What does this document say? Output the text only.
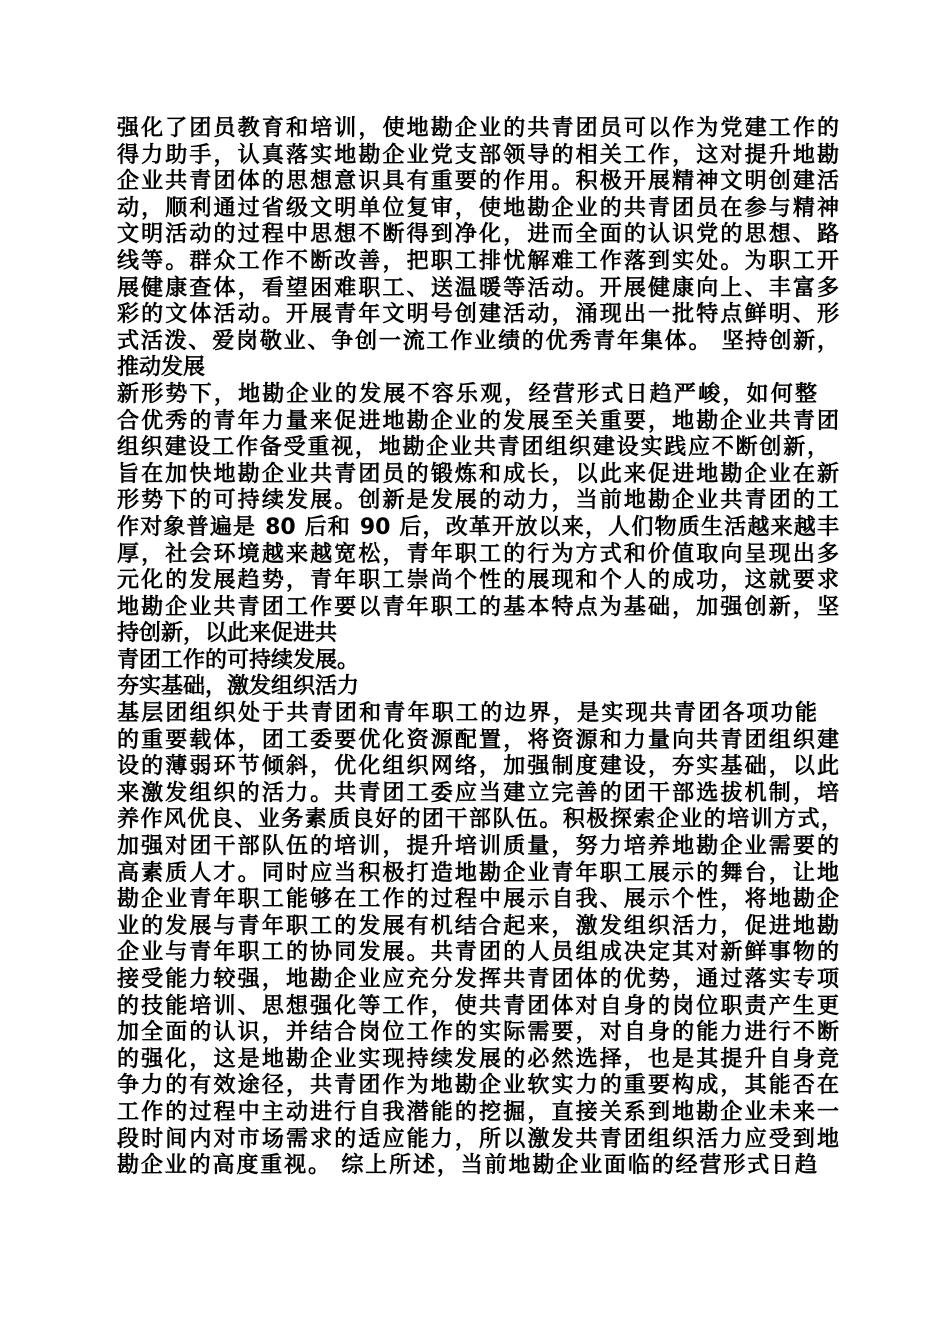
强化了团员教育和培训，使地勘企业的共青团员可以作为党建工作的
得力助手，认真落实地勘企业党支部领导的相关工作，这对提升地勘
企业共青团体的思想意识具有重要的作用。积极开展精神文明创建活
动，顺利通过省级文明单位复审，使地勘企业的共青团员在参与精神
文明活动的过程中思想不断得到净化，进而全面的认识党的思想、路
线等。群众工作不断改善，把职工排忧解难工作落到实处。为职工开
展健康查体，看望困难职工、送温暖等活动。开展健康向上、丰富多
彩的文体活动。开展青年文明号创建活动，涌现出一批特点鲜明、形
式活泼、爱岗敬业、争创一流工作业绩的优秀青年集体。 坚持创新，
推动发展
新形势下，地勘企业的发展不容乐观，经营形式日趋严峻，如何整
合优秀的青年力量来促进地勘企业的发展至关重要，地勘企业共青团
组织建设工作备受重视，地勘企业共青团组织建设实践应不断创新，
旨在加快地勘企业共青团员的锻炼和成长，以此来促进地勘企业在新
形势下的可持续发展。创新是发展的动力，当前地勘企业共青团的工
作对象普遍是 80 后和 90 后，改革开放以来，人们物质生活越来越丰
厚，社会环境越来越宽松，青年职工的行为方式和价值取向呈现出多
元化的发展趋势，青年职工崇尚个性的展现和个人的成功，这就要求
地勘企业共青团工作要以青年职工的基本特点为基础，加强创新，坚
持创新，以此来促进共
青团工作的可持续发展。
夯实基础，激发组织活力
基层团组织处于共青团和青年职工的边界，是实现共青团各项功能
的重要载体，团工委要优化资源配置，将资源和力量向共青团组织建
设的薄弱环节倾斜，优化组织网络，加强制度建设，夯实基础，以此
来激发组织的活力。共青团工委应当建立完善的团干部选拔机制，培
养作风优良、业务素质良好的团干部队伍。积极探索企业的培训方式，
加强对团干部队伍的培训，提升培训质量，努力培养地勘企业需要的
高素质人才。同时应当积极打造地勘企业青年职工展示的舞台，让地
勘企业青年职工能够在工作的过程中展示自我、展示个性，将地勘企
业的发展与青年职工的发展有机结合起来，激发组织活力，促进地勘
企业与青年职工的协同发展。共青团的人员组成决定其对新鲜事物的
接受能力较强，地勘企业应充分发挥共青团体的优势，通过落实专项
的技能培训、思想强化等工作，使共青团体对自身的岗位职责产生更
加全面的认识，并结合岗位工作的实际需要，对自身的能力进行不断
的强化，这是地勘企业实现持续发展的必然选择，也是其提升自身竞
争力的有效途径，共青团作为地勘企业软实力的重要构成，其能否在
工作的过程中主动进行自我潜能的挖掘，直接关系到地勘企业未来一
段时间内对市场需求的适应能力，所以激发共青团组织活力应受到地
勘企业的高度重视。 综上所述，当前地勘企业面临的经营形式日趋
